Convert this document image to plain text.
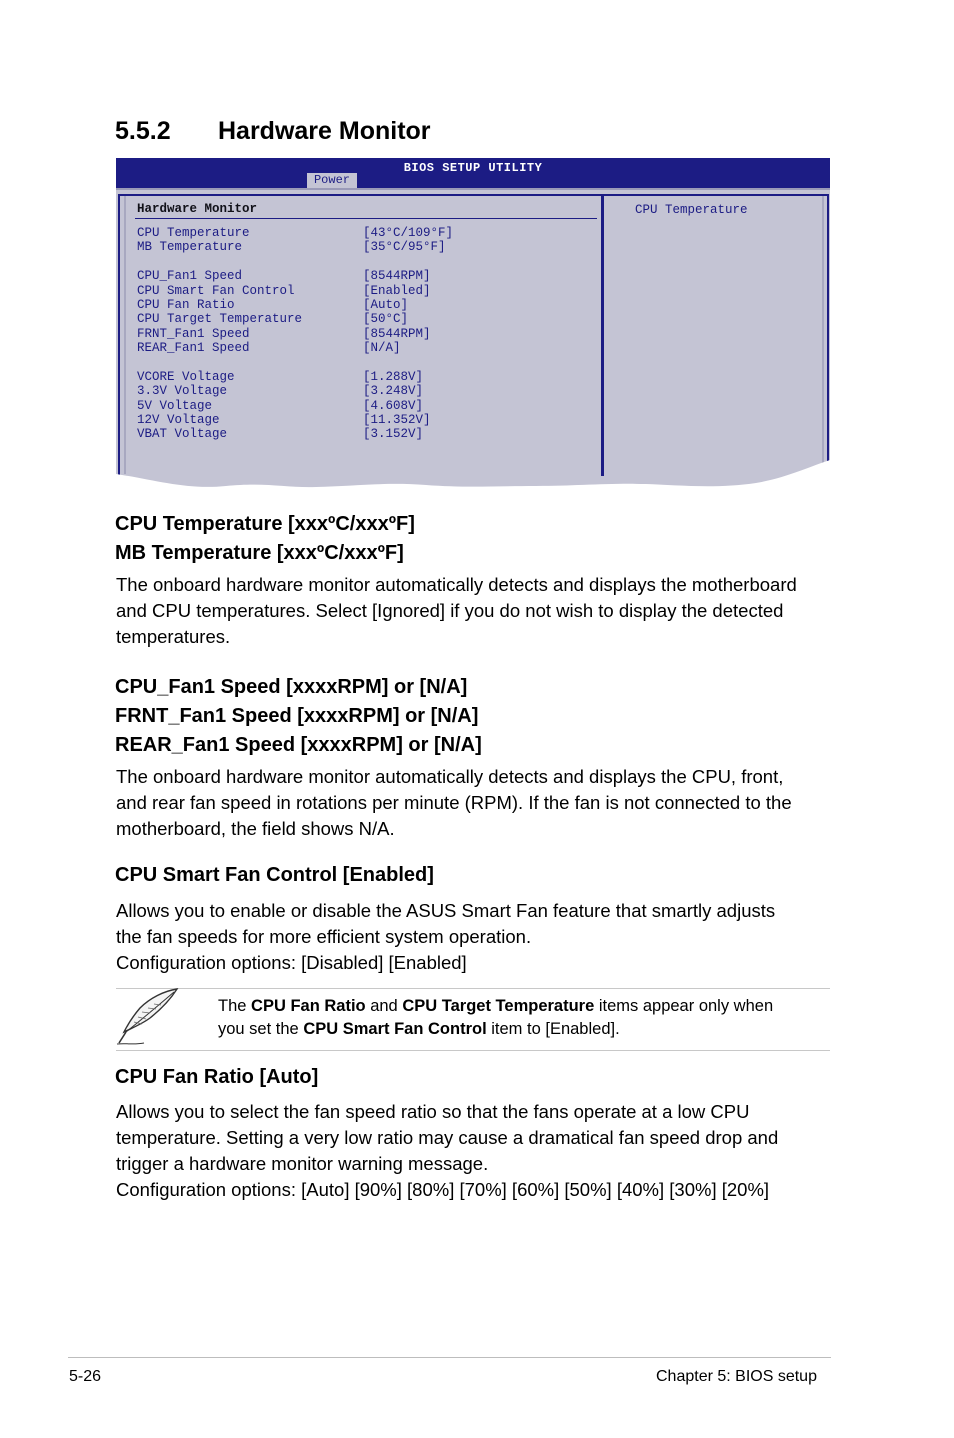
5.5.2 Hardware Monitor
BIOS SETUP UTILITY
Power
Hardware Monitor	CPU Temperature
CPU Temperature	[43°C/109°F]
MB Temperature	[35°C/95°F]
CPU_Fan1 Speed	[8544RPM]
CPU Smart Fan Control	[Enabled]
CPU Fan Ratio	[Auto]
CPU Target Temperature	[50°C]
FRNT_Fan1 Speed	[8544RPM]
REAR_Fan1 Speed	[N/A]
VCORE Voltage	[1.288V]
3.3V Voltage	[3.248V]
5V Voltage	[4.608V]
12V Voltage	[11.352V]
VBAT Voltage	[3.152V]
CPU Temperature [xxxºC/xxxºF]
MB Temperature [xxxºC/xxxºF]

The onboard hardware monitor automatically detects and displays the motherboard

and CPU temperatures. Select [Ignored] if you do not wish to display the detected

temperatures.

CPU_Fan1 Speed [xxxxRPM] or [N/A]
FRNT_Fan1 Speed [xxxxRPM] or [N/A]
REAR_Fan1 Speed [xxxxRPM] or [N/A]

The onboard hardware monitor automatically detects and displays the CPU, front,

and rear fan speed in rotations per minute (RPM). If the fan is not connected to the

motherboard, the field shows N/A.

CPU Smart Fan Control [Enabled]

Allows you to enable or disable the ASUS Smart Fan feature that smartly adjusts

the fan speeds for more efficient system operation.

Configuration options: [Disabled] [Enabled]

The CPU Fan Ratio and CPU Target Temperature items appear only when
you set the CPU Smart Fan Control item to [Enabled].
CPU Fan Ratio [Auto]

Allows you to select the fan speed ratio so that the fans operate at a low CPU

temperature. Setting a very low ratio may cause a dramatical fan speed drop and

trigger a hardware monitor warning message.

Configuration options: [Auto] [90%] [80%] [70%] [60%] [50%] [40%] [30%] [20%]

5-26	Chapter 5: BIOS setup
